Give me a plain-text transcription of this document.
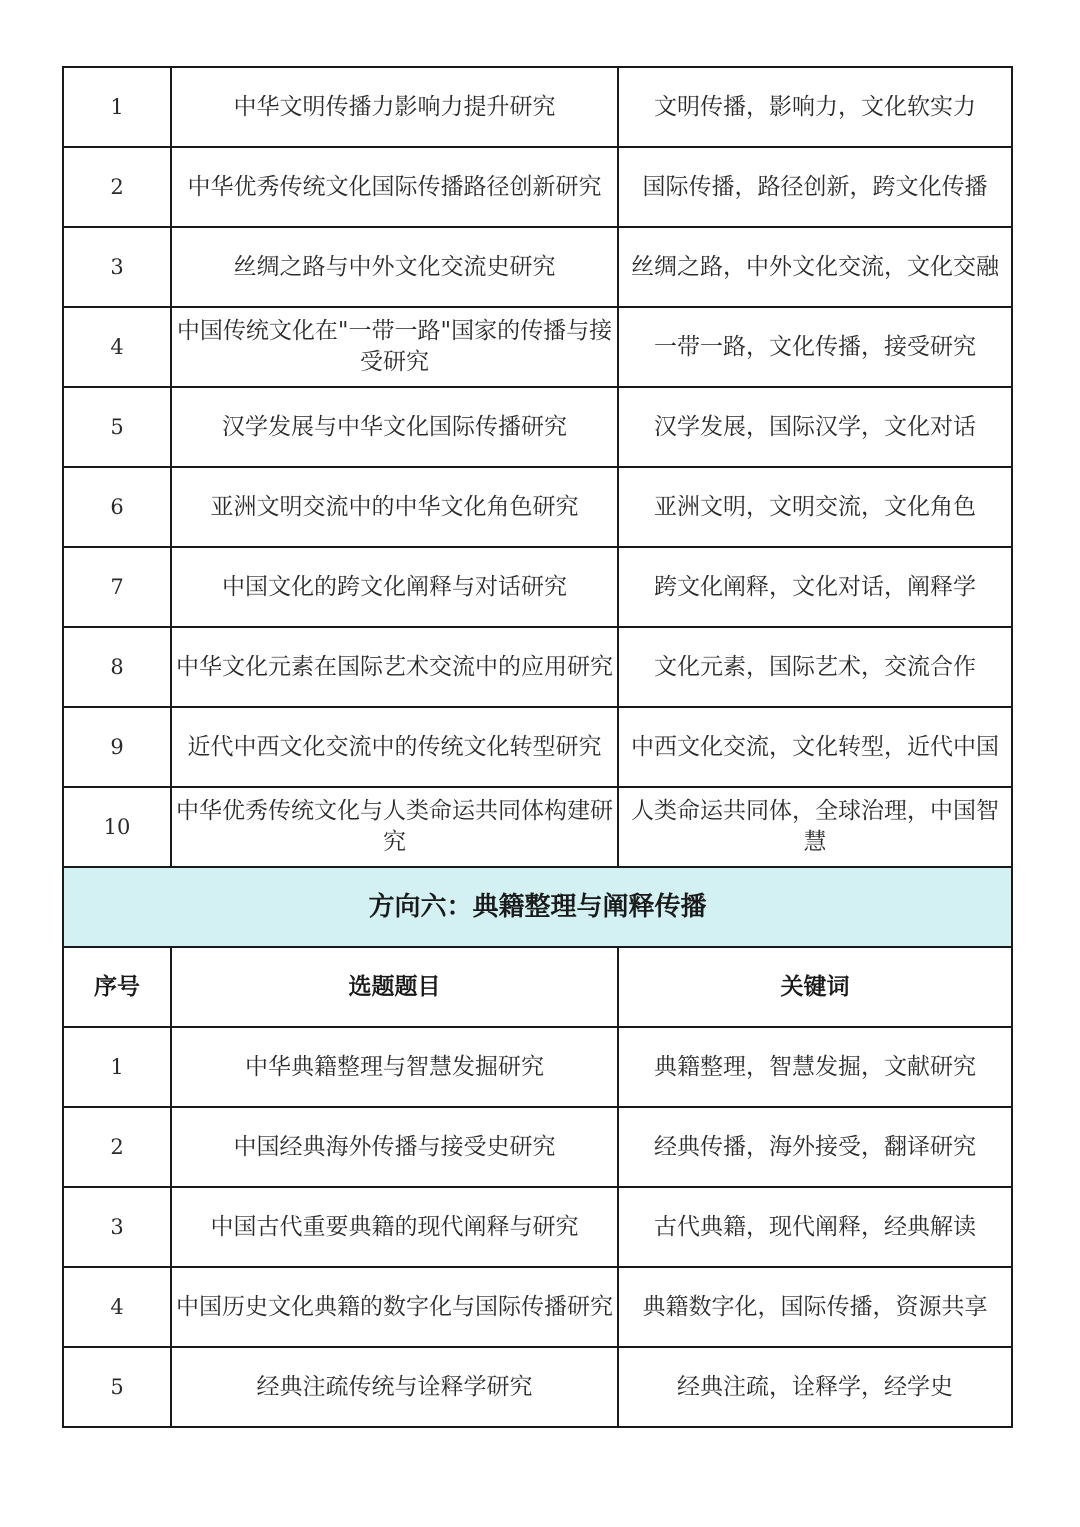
1	中华文明传播力影响力提升研究	文明传播，影响力，文化软实力
2	中华优秀传统文化国际传播路径创新研究	国际传播，路径创新，跨文化传播
3	丝绸之路与中外文化交流史研究	丝绸之路，中外文化交流，文化交融
4	中国传统文化在"一带一路"国家的传播与接受研究	一带一路，文化传播，接受研究
5	汉学发展与中华文化国际传播研究	汉学发展，国际汉学，文化对话
6	亚洲文明交流中的中华文化角色研究	亚洲文明，文明交流，文化角色
7	中国文化的跨文化阐释与对话研究	跨文化阐释，文化对话，阐释学
8	中华文化元素在国际艺术交流中的应用研究	文化元素，国际艺术，交流合作
9	近代中西文化交流中的传统文化转型研究	中西文化交流，文化转型，近代中国
10	中华优秀传统文化与人类命运共同体构建研究	人类命运共同体，全球治理，中国智慧
方向六：典籍整理与阐释传播		
序号	选题题目	关键词
1	中华典籍整理与智慧发掘研究	典籍整理，智慧发掘，文献研究
2	中国经典海外传播与接受史研究	经典传播，海外接受，翻译研究
3	中国古代重要典籍的现代阐释与研究	古代典籍，现代阐释，经典解读
4	中国历史文化典籍的数字化与国际传播研究	典籍数字化，国际传播，资源共享
5	经典注疏传统与诠释学研究	经典注疏，诠释学，经学史
